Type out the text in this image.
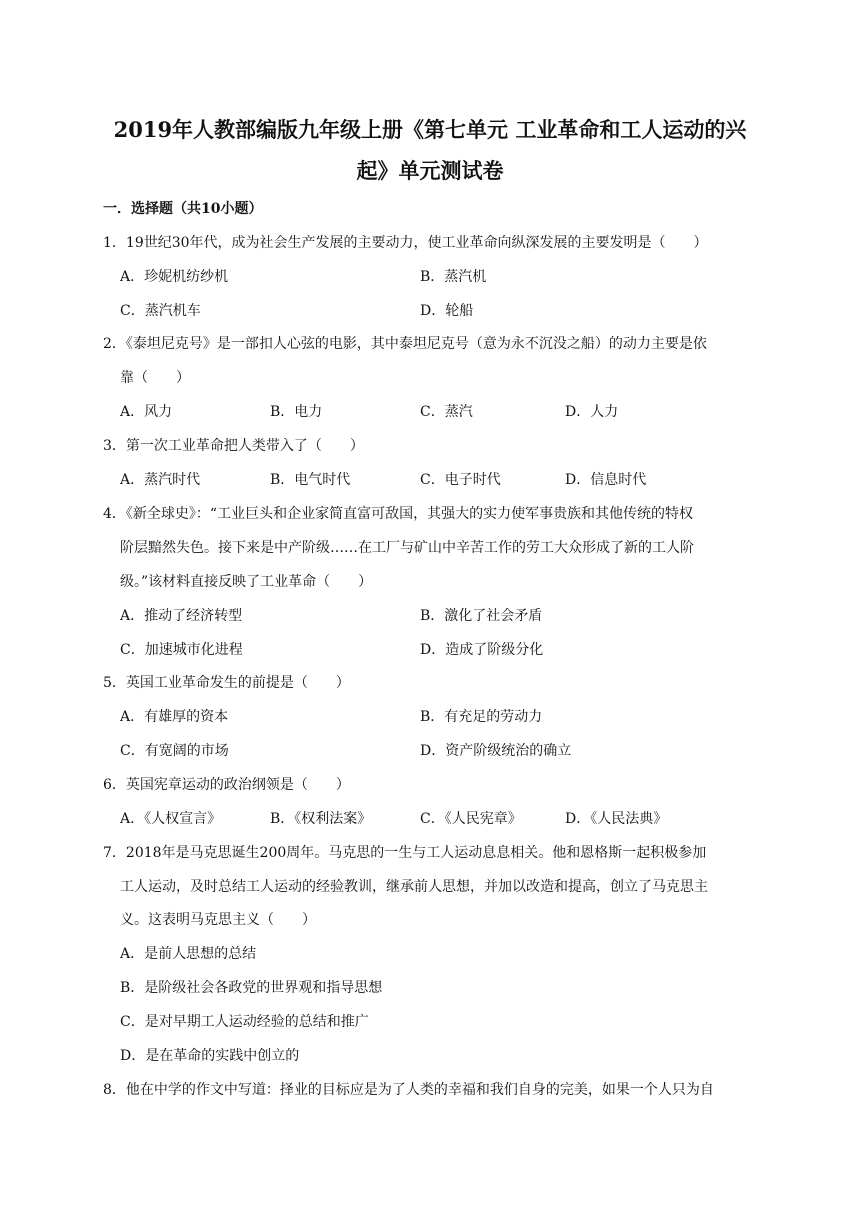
2019年人教部编版九年级上册《第七单元 工业革命和工人运动的兴
起》单元测试卷
一．选择题（共10小题）
1．19世纪30年代，成为社会生产发展的主要动力，使工业革命向纵深发展的主要发明是（　　）
A．珍妮机纺纱机	B．蒸汽机
C．蒸汽机车	D．轮船
2．《泰坦尼克号》是一部扣人心弦的电影，其中泰坦尼克号（意为永不沉没之船）的动力主要是依
靠（　　）
A．风力	B．电力	C．蒸汽	D．人力
3．第一次工业革命把人类带入了（　　）
A．蒸汽时代	B．电气时代	C．电子时代	D．信息时代
4．《新全球史》：“工业巨头和企业家简直富可敌国，其强大的实力使军事贵族和其他传统的特权
阶层黯然失色。接下来是中产阶级……在工厂与矿山中辛苦工作的劳工大众形成了新的工人阶
级。”该材料直接反映了工业革命（　　）
A．推动了经济转型	B．激化了社会矛盾
C．加速城市化进程	D．造成了阶级分化
5．英国工业革命发生的前提是（　　）
A．有雄厚的资本	B．有充足的劳动力
C．有宽阔的市场	D．资产阶级统治的确立
6．英国宪章运动的政治纲领是（　　）
A．《人权宣言》	B．《权利法案》	C．《人民宪章》	D．《人民法典》
7．2018年是马克思诞生200周年。马克思的一生与工人运动息息相关。他和恩格斯一起积极参加
工人运动，及时总结工人运动的经验教训，继承前人思想，并加以改造和提高，创立了马克思主
义。这表明马克思主义（　　）
A．是前人思想的总结
B．是阶级社会各政党的世界观和指导思想
C．是对早期工人运动经验的总结和推广
D．是在革命的实践中创立的
8．他在中学的作文中写道：择业的目标应是为了人类的幸福和我们自身的完美，如果一个人只为自
